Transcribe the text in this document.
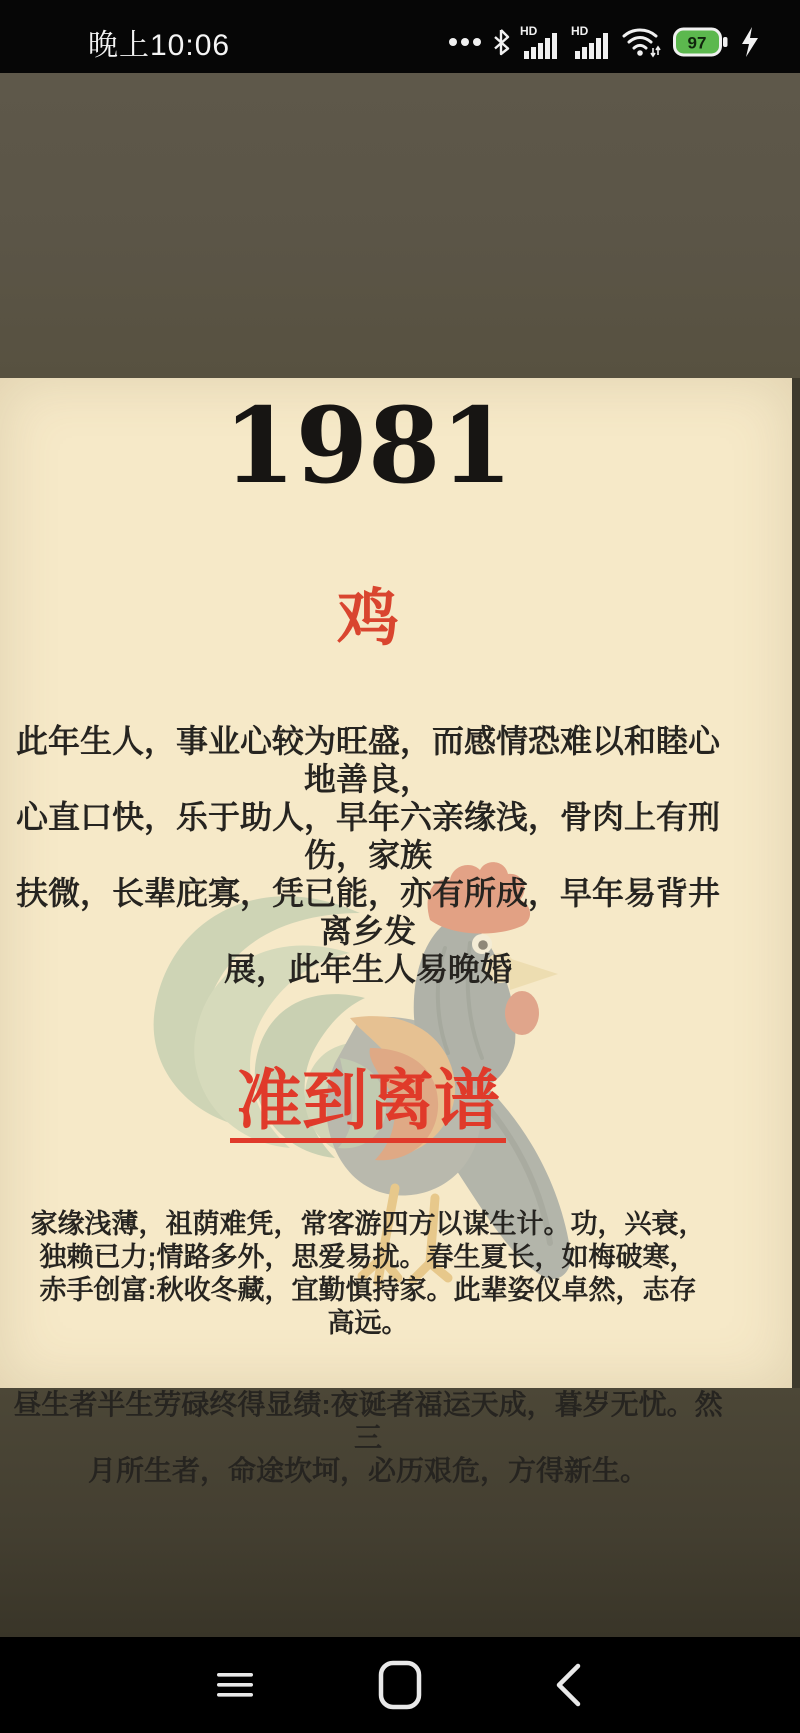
晚上10:06	HD	HD
97
1981
鸡
此年生人，事业心较为旺盛，而感情恐难以和睦心地善良，
心直口快，乐于助人，早年六亲缘浅，骨肉上有刑伤，家族
扶微，长辈庇寡，凭已能，亦有所成，早年易背井离乡发
展，此年生人易晚婚
准到离谱
家缘浅薄，祖荫难凭，常客游四方以谋生计。功，兴衰，
独赖已力;情路多外，思爱易扰。春生夏长，如梅破寒，
赤手创富:秋收冬藏，宜勤慎持家。此辈姿仪卓然，志存
高远。
昼生者半生劳碌终得显绩:夜诞者福运天成，暮岁无忧。然三
月所生者，命途坎坷，必历艰危，方得新生。
